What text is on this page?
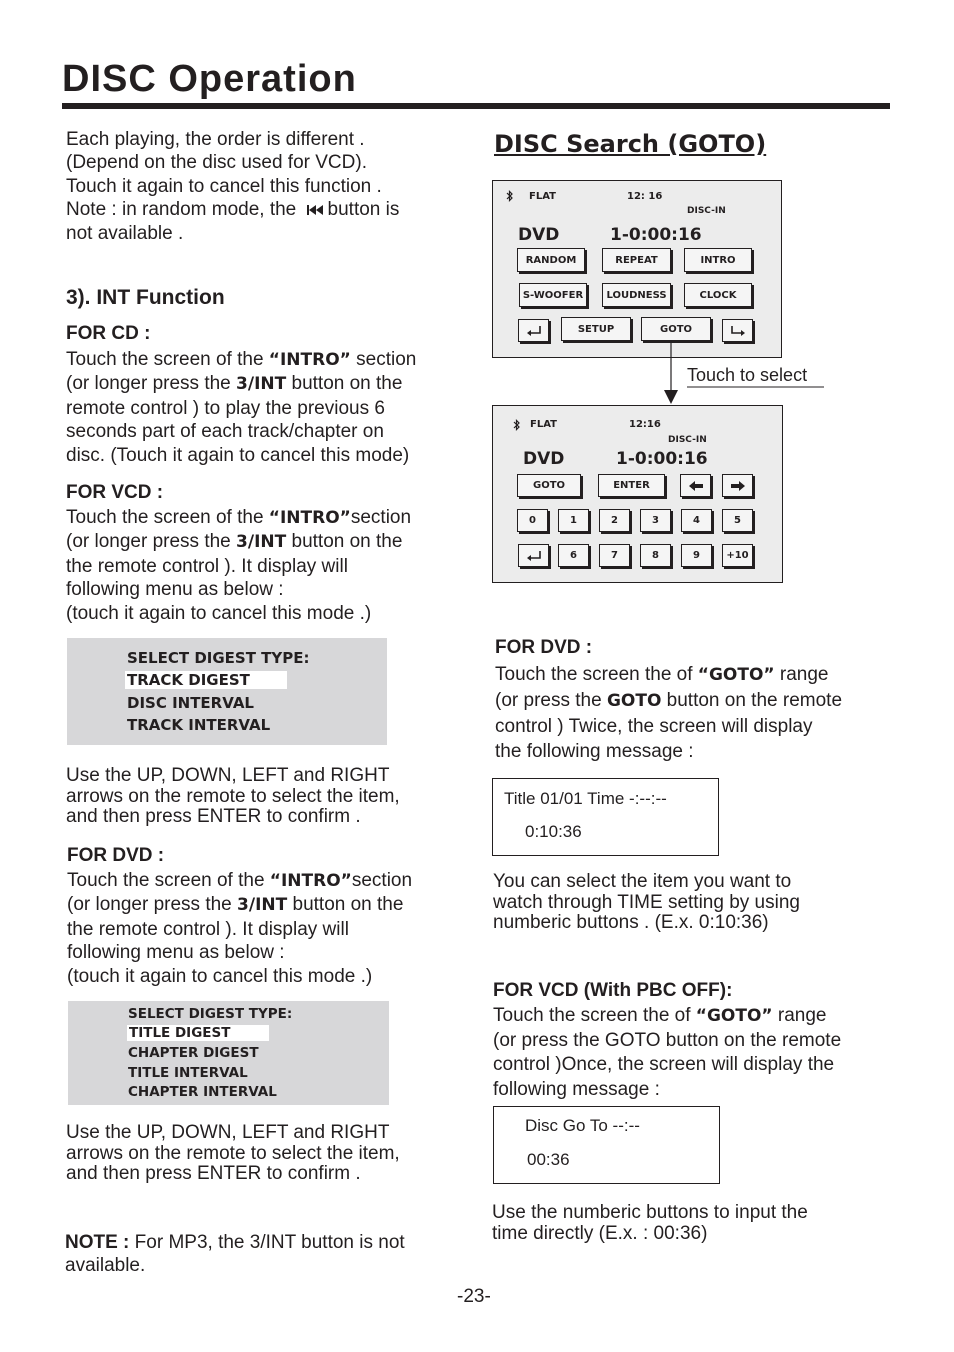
DISC Operation
Each playing, the order is different .
(Depend on the disc used for VCD).
Touch it again to cancel this function .
Note : in random mode, the button is
not available .
3). INT Function
FOR CD :
Touch the screen of the “INTRO” section
(or longer press the 3/INT button on the
remote control ) to play the previous 6
seconds part of each track/chapter on
disc. (Touch it again to cancel this mode)
FOR VCD :
Touch the screen of the “INTRO”section
(or longer press the 3/INT button on the
the remote control ). It display will
following menu as below :
(touch it again to cancel this mode .)
SELECT DIGEST TYPE:
TRACK DIGEST
DISC INTERVAL
TRACK INTERVAL
Use the UP, DOWN, LEFT and RIGHT
arrows on the remote to select the item,
and then press ENTER to confirm .
FOR DVD :
Touch the screen of the “INTRO”section
(or longer press the 3/INT button on the
the remote control ). It display will
following menu as below :
(touch it again to cancel this mode .)
SELECT DIGEST TYPE:
TITLE DIGEST
CHAPTER DIGEST
TITLE INTERVAL
CHAPTER INTERVAL
Use the UP, DOWN, LEFT and RIGHT
arrows on the remote to select the item,
and then press ENTER to confirm .
NOTE : For MP3, the 3/INT button is not
available.
DISC Search (GOTO)
FLAT	12: 16
DISC-IN
DVD	1-0:00:16
RANDOM	REPEAT	INTRO
S-WOOFER	LOUDNESS	CLOCK
SETUP	GOTO
Touch to select
FLAT	12:16
DISC-IN
DVD	1-0:00:16
GOTO	ENTER
0	1	2	3	4	5
6	7	8	9	+10
FOR DVD :
Touch the screen the of “GOTO” range
(or press the GOTO button on the remote
control ) Twice, the screen will display
the following message :
Title 01/01 Time -:--:--
0:10:36
You can select the item you want to
watch through TIME setting by using
numberic buttons . (E.x. 0:10:36)
FOR VCD (With PBC OFF):
Touch the screen the of “GOTO” range
(or press the GOTO button on the remote
control )Once, the screen will display the
following message :
Disc Go To --:--
00:36
Use the numberic buttons to input the
time directly (E.x. : 00:36)
-23-
